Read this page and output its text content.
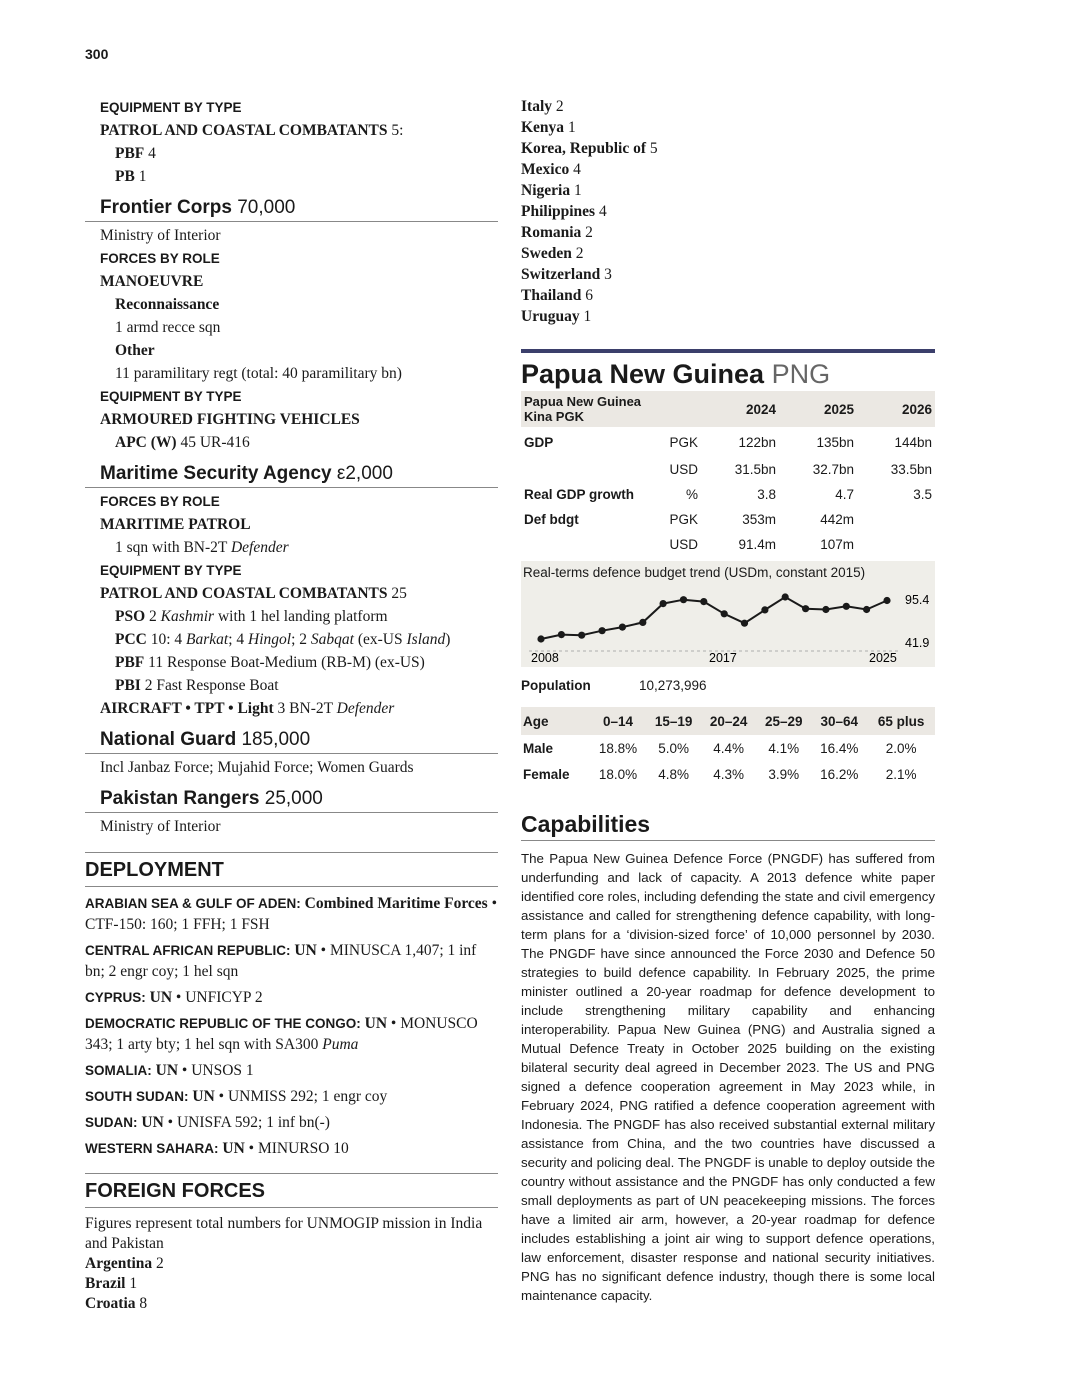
300
EQUIPMENT BY TYPE
PATROL AND COASTAL COMBATANTS 5:
PBF 4
PB 1
Frontier Corps 70,000
Ministry of Interior
FORCES BY ROLE
MANOEUVRE
Reconnaissance
1 armd recce sqn
Other
11 paramilitary regt (total: 40 paramilitary bn)
EQUIPMENT BY TYPE
ARMOURED FIGHTING VEHICLES
APC (W) 45 UR-416
Maritime Security Agency ε2,000
FORCES BY ROLE
MARITIME PATROL
1 sqn with BN-2T Defender
EQUIPMENT BY TYPE
PATROL AND COASTAL COMBATANTS 25
PSO 2 Kashmir with 1 hel landing platform
PCC 10: 4 Barkat; 4 Hingol; 2 Sabqat (ex-US Island)
PBF 11 Response Boat-Medium (RB-M) (ex-US)
PBI 2 Fast Response Boat
AIRCRAFT • TPT • Light 3 BN-2T Defender
National Guard 185,000
Incl Janbaz Force; Mujahid Force; Women Guards
Pakistan Rangers 25,000
Ministry of Interior
DEPLOYMENT
ARABIAN SEA & GULF OF ADEN: Combined Maritime Forces • CTF-150: 160; 1 FFH; 1 FSH
CENTRAL AFRICAN REPUBLIC: UN • MINUSCA 1,407; 1 inf bn; 2 engr coy; 1 hel sqn
CYPRUS: UN • UNFICYP 2
DEMOCRATIC REPUBLIC OF THE CONGO: UN • MONUSCO 343; 1 arty bty; 1 hel sqn with SA300 Puma
SOMALIA: UN • UNSOS 1
SOUTH SUDAN: UN • UNMISS 292; 1 engr coy
SUDAN: UN • UNISFA 592; 1 inf bn(-)
WESTERN SAHARA: UN • MINURSO 10
FOREIGN FORCES
Figures represent total numbers for UNMOGIP mission in India and Pakistan
Argentina 2
Brazil 1
Croatia 8
Italy 2
Kenya 1
Korea, Republic of 5
Mexico 4
Nigeria 1
Philippines 4
Romania 2
Sweden 2
Switzerland 3
Thailand 6
Uruguay 1
Papua New Guinea PNG
Papua New Guinea Kina PGK		2024	2025	2026
GDP	PGK	122bn	135bn	144bn
	USD	31.5bn	32.7bn	33.5bn
Real GDP growth	%	3.8	4.7	3.5
Def bdgt	PGK	353m	442m	
	USD	91.4m	107m	
Real-terms defence budget trend (USDm, constant 2015)
95.4
41.9
2008	2017	2025
Population	10,273,996
Age	0–14	15–19	20–24	25–29	30–64	65 plus
Male	18.8%	5.0%	4.4%	4.1%	16.4%	2.0%
Female	18.0%	4.8%	4.3%	3.9%	16.2%	2.1%
Capabilities
The Papua New Guinea Defence Force (PNGDF) has suffered from underfunding and lack of capacity. A 2013 defence white paper identified core roles, including defending the state and civil emergency assistance and called for strengthening defence capability, with long-term plans for a ‘division-sized force’ of 10,000 personnel by 2030. The PNGDF have since announced the Force 2030 and Defence 50 strategies to build defence capability. In February 2025, the prime minister outlined a 20-year roadmap for defence development to include strengthening military capability and enhancing interoperability. Papua New Guinea (PNG) and Australia signed a Mutual Defence Treaty in October 2025 building on the existing bilateral security deal agreed in December 2023. The US and PNG signed a defence cooperation agreement in May 2023 while, in February 2024, PNG ratified a defence cooperation agreement with Indonesia. The PNGDF has also received substantial external military assistance from China, and the two countries have discussed a security and policing deal. The PNGDF is unable to deploy outside the country without assistance and the PNGDF has only conducted a few small deployments as part of UN peacekeeping missions. The forces have a limited air arm, however, a 20-year roadmap for defence includes establishing a joint air wing to support defence operations, law enforcement, disaster response and national security initiatives. PNG has no significant defence industry, though there is some local maintenance capacity.
